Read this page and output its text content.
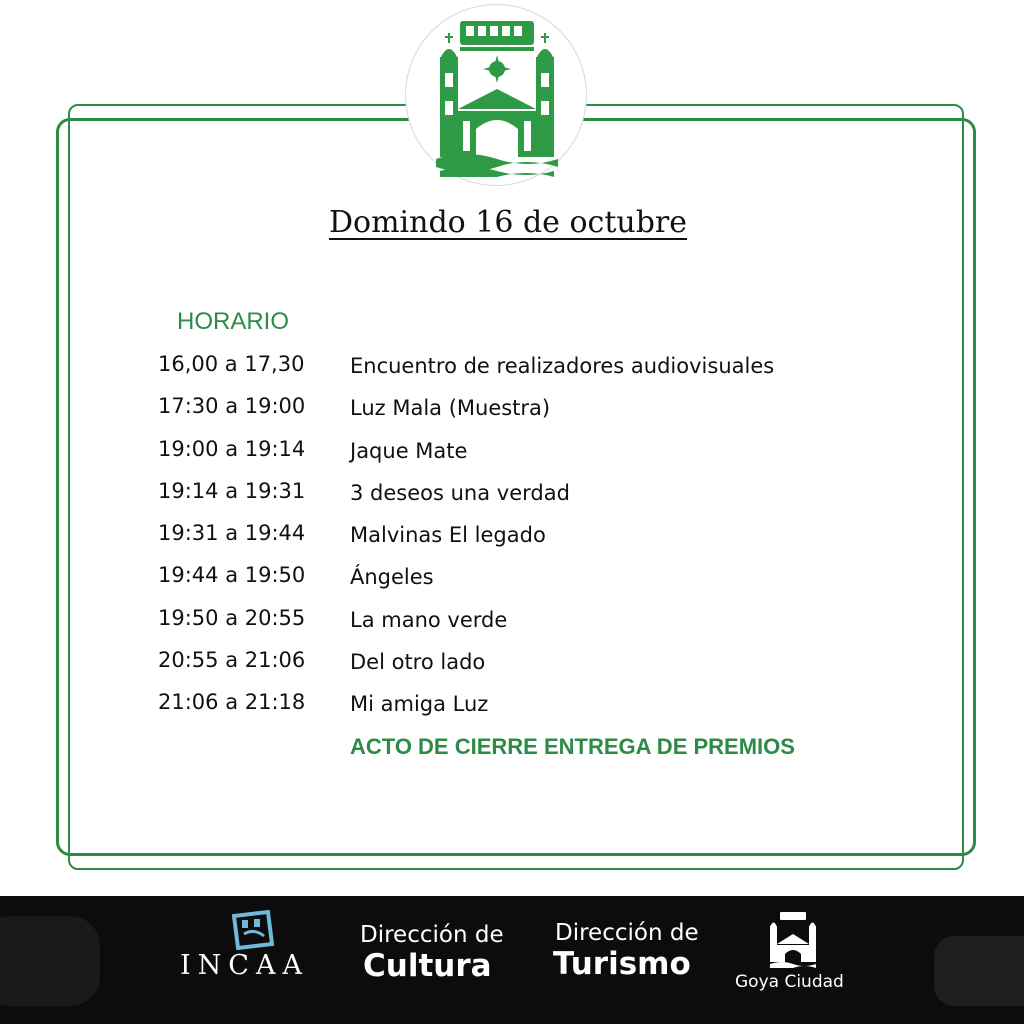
Domindo 16 de octubre
HORARIO
16,00 a 17,30 Encuentro de realizadores audiovisuales
17:30 a 19:00 Luz Mala (Muestra)
19:00 a 19:14 Jaque Mate
19:14 a 19:31 3 deseos una verdad
19:31 a 19:44 Malvinas El legado
19:44 a 19:50 Ángeles
19:50 a 20:55 La mano verde
20:55 a 21:06 Del otro lado
21:06 a 21:18 Mi amiga Luz
ACTO DE CIERRE ENTREGA DE PREMIOS
INCAA
Dirección de
Cultura
Dirección de
Turismo	Goya Ciudad
